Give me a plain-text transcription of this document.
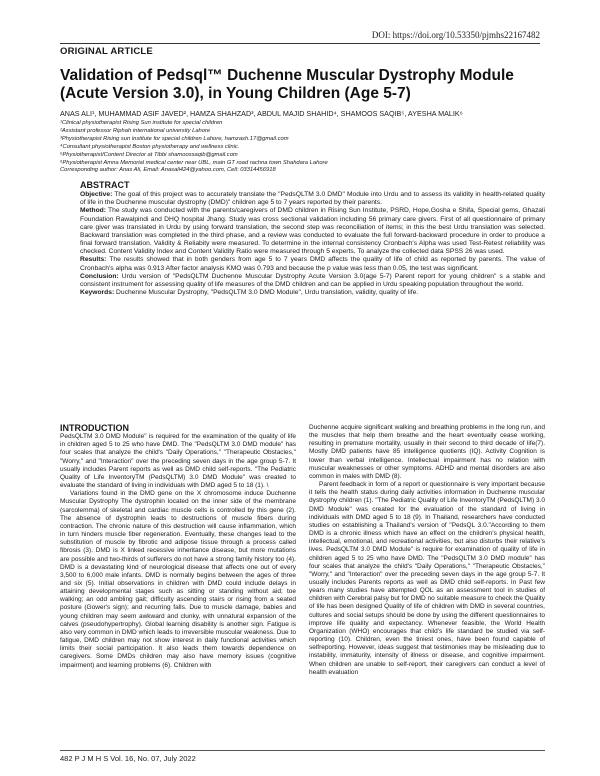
DOI: https://doi.org/10.53350/pjmhs22167482
ORIGINAL ARTICLE
Validation of Pedsql™ Duchenne Muscular Dystrophy Module (Acute Version 3.0), in Young Children (Age 5-7)
ANAS ALI¹, MUHAMMAD ASIF JAVED², HAMZA SHAHZAD³, ABDUL MAJID SHAHID⁴, SHAMOOS SAQIB⁵, AYESHA MALIK⁶
¹Clinical physiotherapist Rising Sun institute for special children
²Assistant professor Riphah international university Lahore
³Physiotherapist Rising sun institute for special children Lahore, hamzash.17@gmail.com
⁴Consultant physiotherapist Boston physiotherapy and wellness clinic.
⁵Physiotherapist/Content Director at Tibbi shamoossaqib@gmail.com
⁶Physiotherapist Amna Memorial medical center near UBL, main GT road rachna town Shahdara Lahore
Corresponding author: Anas Ali, Email: Anasali424@yahoo.com, Cell: 03314456918
ABSTRACT

Objective: The goal of this project was to accurately translate the "PedsQLTM 3.0 DMD" Module into Urdu and to assess its validity in health-related quality of life in the Duchenne muscular dystrophy (DMD)" children age 5 to 7 years reported by their parents.

Method: The study was conducted with the parents/caregivers of DMD children in Rising Sun Institute, PSRD, Hope,Gosha e Shifa, Special gems, Ghazali Foundation Rawalpindi and DHQ hospital Jhang. Study was cross sectional validation including 56 primary care givers. First of all questionnaire of primary care giver was translated in Urdu by using forward translation, the second step was reconciliation of items; in this the best Urdu translation was selected. Backward translation was completed in the third phase, and a review was conducted to evaluate the full forward-backward procedure in order to produce a final forward translation. Validity & Reliabity were measured. To determine in the internal consistency Cronbach's Alpha was used Test-Retest reliability was checked. Content Validity Index and Content Validity Ratio were measured through 5 experts. To analyze the collected data SPSS 26 was used.

Results: The results showed that in both genders from age 5 to 7 years DMD affects the quality of life of child as reported by parents. The value of Cronbach's alpha was 0.913 After factor analysis KMO was 0.793 and because the p value was less than 0.05, the test was significant.

Conclusion: Urdu version of "PedsQLTM Duchenne Muscular Dystrophy Acute Version 3.0(age 5-7) Parent report for young children" s a stable and consistent instrument for assessing quality of life measures of the DMD children and can be applied in Urdu speaking population throughout the world.

Keywords: Duchenne Muscular Dystrophy, "PedsQLTM 3.0 DMD Module", Urdu translation, validity, quality of life.

INTRODUCTION

PedsQLTM 3.0 DMD Module" is required for the examination of the quality of life in children aged 5 to 25 who have DMD. The "PedsQLTM 3.0 DMD module" has four scales that analyze the child's "Daily Operations," "Therapeutic Obstacles," "Worry," and "Interaction" over the preceding seven days in the age group 5-7. It usually includes Parent reports as well as DMD child self-reports. "The Pediatric Quality of Life InventoryTM (PedsQLTM) 3.0 DMD Module" was created to evaluate the standard of living in individuals with DMD aged 5 to 18 (1). \

Variations found in the DMD gene on the X chromosome induce Duchenne Muscular Dystrophy The dystrophin located on the inner side of the membrane (sarcolemma) of skeletal and cardiac muscle cells is controlled by this gene (2). The absence of dystrophin leads to destructions of muscle fibers during contraction. The chronic nature of this destruction will cause inflammation, which in turn hinders muscle fiber regeneration. Eventually, these changes lead to the substitution of muscle by fibrotic and adipose tissue through a process called fibrosis (3). DMD is X linked recessive inheritance disease, but more mutations are possible and two-thirds of sufferers do not have a strong family history too (4). DMD is a devastating kind of neurological disease that affects one out of every 3,500 to 6,000 male infants. DMD is normally begins between the ages of three and six (5). Initial observations in children with DMD could include delays in attaining developmental stages such as sitting or standing without aid; toe walking; an odd ambling gait; difficulty ascending stairs or rising from a seated posture (Gower's sign); and recurring falls. Due to muscle damage, babies and young children may seem awkward and clunky, with unnatural expansion of the calves (pseudohypertrophy). Global learning disability is another sign. Fatigue is also very common in DMD which leads to irreversible muscular weakness. Due to fatigue, DMD children may not show interest in daily functional activities which limits their social participation. It also leads them towards dependence on caregivers. Some DMDs children may also have memory issues (cognitive impairment) and learning problems (6). Children with

Duchenne acquire significant walking and breathing problems in the long run, and the muscles that help them breathe and the heart eventually cease working, resulting in premature mortality, usually in their second to third decade of life(7). Mostly DMD patients have 85 intelligence quotients (IQ). Activity Cognition is lower than verbal intelligence. Intellectual impairment has no relation with muscular weaknesses or other symptoms. ADHD and mental disorders are also common in males with DMD (8).

Parent feedback in form of a report or questionnaire is very important because it tells the health status during daily activities information in Duchenne muscular dystrophy children (1). "The Pediatric Quality of Life InventoryTM (PedsQLTM) 3.0 DMD Module" was created for the evaluation of the standard of living in individuals with DMD aged 5 to 18 (9). In Thailand, researchers have conducted studies on establishing a Thailand's version of "PedsQL 3.0."According to them DMD is a chronic illness which have an effect on the children's physical health, intellectual, emotional, and recreational activities, but also disturbs their relative's lives. PedsQLTM 3.0 DMD Module" is require for examination of quality of life in children aged 5 to 25 who have DMD. The "PedsQLTM 3.0 DMD module" has four scales that analyze the child's "Daily Operations," "Therapeutic Obstacles," "Worry," and "Interaction" over the preceding seven days in the age group 5-7. It usually includes Parents reports as well as DMD child self-reports. In Past few years many studies have attempted QOL as an assessment tool in studies of children with Cerebral palsy but for DMD no suitable measure to check the Quality of life has been designed Quality of life of children with DMD in several countries, cultures and social setups should be done by using the different questionnaires to improve life quality and expectancy. Whenever feasible, the World Health Organization (WHO) encourages that child's life standard be studied via self-reporting (10). Children, even the tiniest ones, have been found capable of selfreporting. However, ideas suggest that testimonies may be misleading due to instability, immaturity, intensity of illness or disease, and cognitive impairment. When children are unable to self-report, their caregivers can conduct a level of health evaluation

482 P J M H S Vol. 16, No. 07, July 2022
